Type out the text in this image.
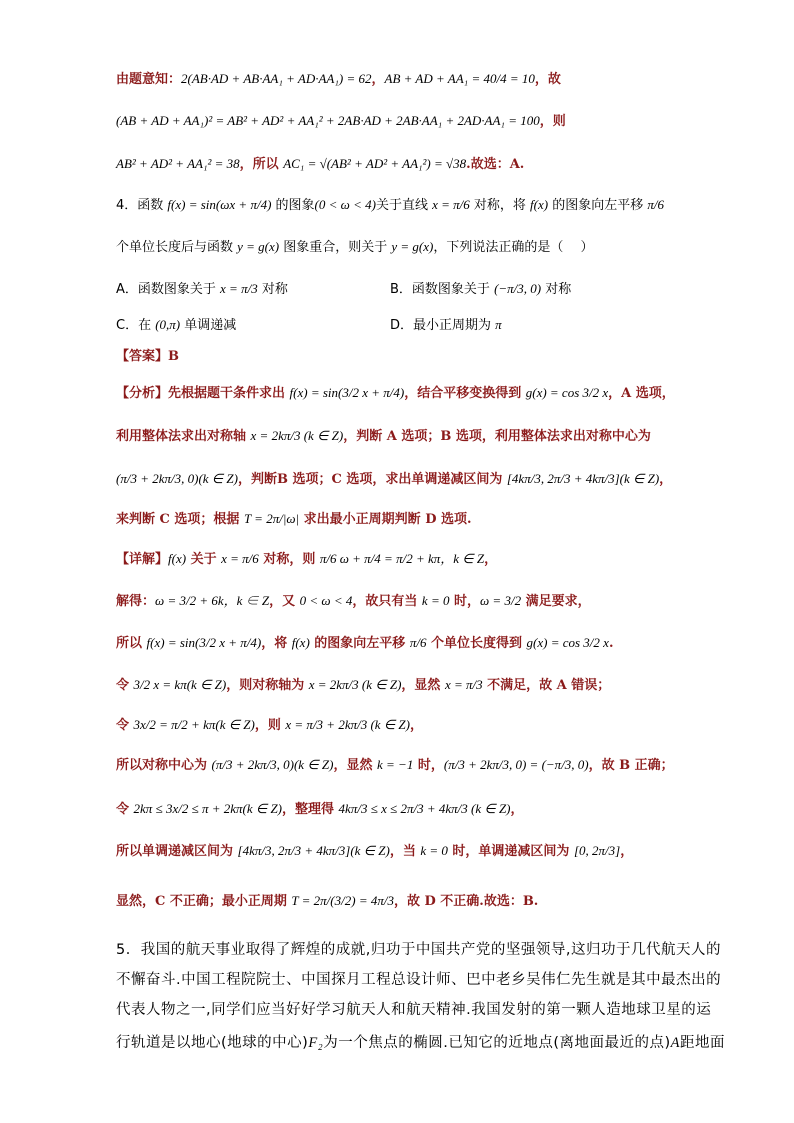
由题意知：2(AB·AD + AB·AA₁ + AD·AA₁) = 62，AB + AD + AA₁ = 40/4 = 10，故
(AB + AD + AA₁)² = AB² + AD² + AA₁² + 2AB·AD + 2AB·AA₁ + 2AD·AA₁ = 100，则
AB² + AD² + AA₁² = 38，所以 AC₁ = √(AB² + AD² + AA₁²) = √38.故选：A.
4．函数 f(x) = sin(ωx + π/4) 的图象(0 < ω < 4)关于直线 x = π/6 对称，将 f(x) 的图象向左平移 π/6
个单位长度后与函数 y = g(x) 图象重合，则关于 y = g(x)，下列说法正确的是（　 ）
A．函数图象关于 x = π/3 对称	B．函数图象关于 (−π/3, 0) 对称
C．在 (0,π) 单调递减	D．最小正周期为 π
【答案】B
【分析】先根据题干条件求出 f(x) = sin(3/2 x + π/4)，结合平移变换得到 g(x) = cos 3/2 x，A 选项，
利用整体法求出对称轴 x = 2kπ/3 (k ∈ Z)，判断 A 选项；B 选项，利用整体法求出对称中心为
(π/3 + 2kπ/3, 0)(k ∈ Z)，判断B 选项；C 选项，求出单调递减区间为 [4kπ/3, 2π/3 + 4kπ/3](k ∈ Z)，
来判断 C 选项；根据 T = 2π/|ω| 求出最小正周期判断 D 选项.
【详解】f(x) 关于 x = π/6 对称，则 π/6 ω + π/4 = π/2 + kπ，k ∈ Z，
解得：ω = 3/2 + 6k，k ∈ Z，又 0 < ω < 4，故只有当 k = 0 时，ω = 3/2 满足要求，
所以 f(x) = sin(3/2 x + π/4)，将 f(x) 的图象向左平移 π/6 个单位长度得到 g(x) = cos 3/2 x.
令 3/2 x = kπ(k ∈ Z)，则对称轴为 x = 2kπ/3 (k ∈ Z)，显然 x = π/3 不满足，故 A 错误；
令 3x/2 = π/2 + kπ(k ∈ Z)，则 x = π/3 + 2kπ/3 (k ∈ Z)，
所以对称中心为 (π/3 + 2kπ/3, 0)(k ∈ Z)，显然 k = −1 时，(π/3 + 2kπ/3, 0) = (−π/3, 0)，故 B 正确；
令 2kπ ≤ 3x/2 ≤ π + 2kπ(k ∈ Z)，整理得 4kπ/3 ≤ x ≤ 2π/3 + 4kπ/3 (k ∈ Z)，
所以单调递减区间为 [4kπ/3, 2π/3 + 4kπ/3](k ∈ Z)，当 k = 0 时，单调递减区间为 [0, 2π/3]，
显然，C 不正确；最小正周期 T = 2π/(3/2) = 4π/3，故 D 不正确.故选：B.
5．我国的航天事业取得了辉煌的成就,归功于中国共产党的坚强领导,这归功于几代航天人的
不懈奋斗.中国工程院院士、中国探月工程总设计师、巴中老乡吴伟仁先生就是其中最杰出的
代表人物之一,同学们应当好好学习航天人和航天精神.我国发射的第一颗人造地球卫星的运
行轨道是以地心(地球的中心)F₂为一个焦点的椭圆.已知它的近地点(离地面最近的点)A距地面
